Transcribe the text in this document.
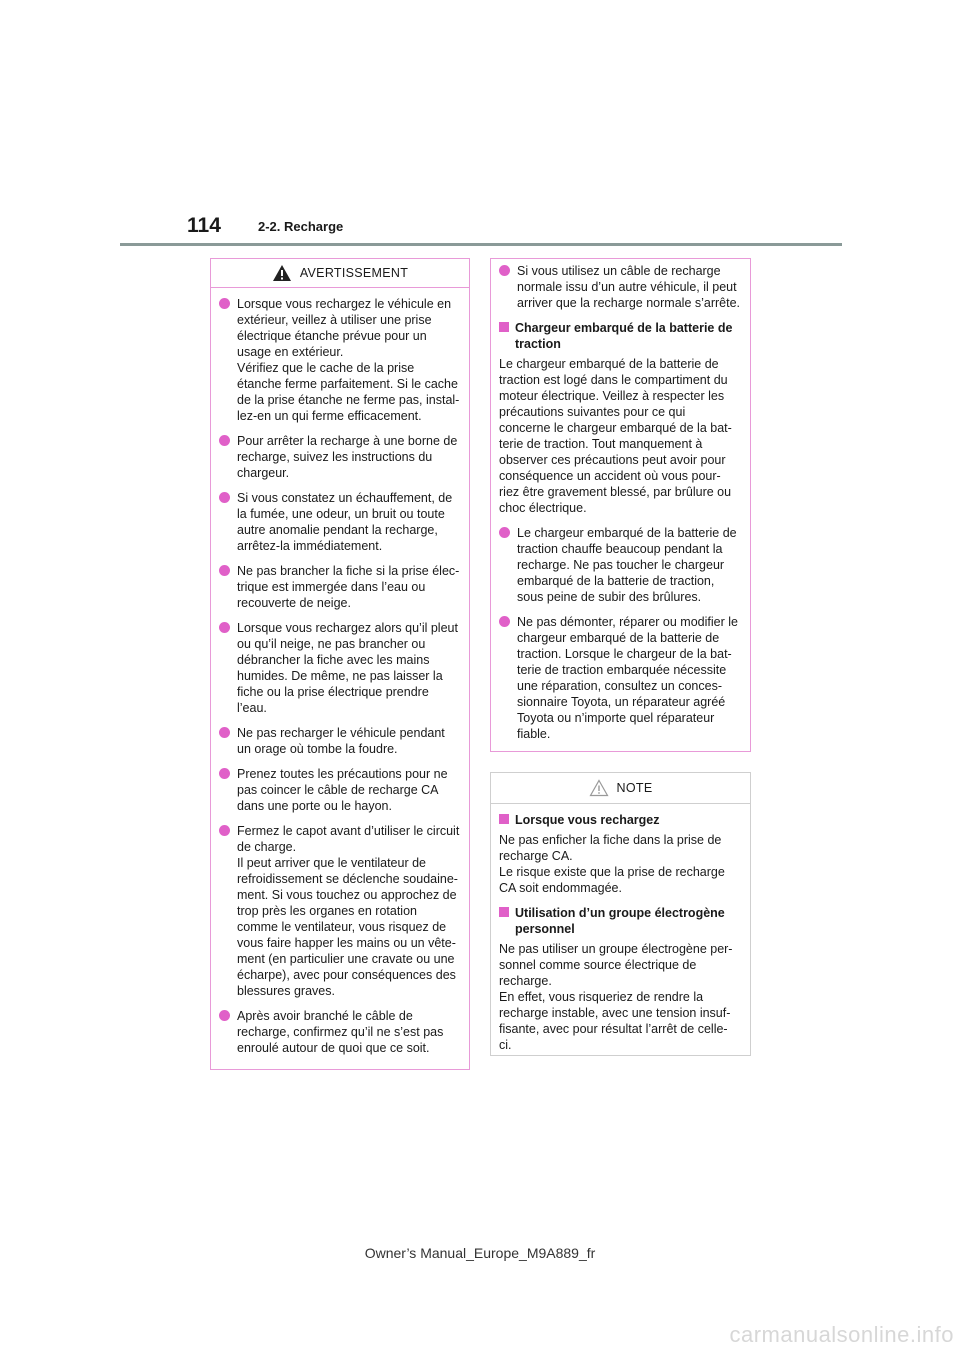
114	2-2. Recharge
AVERTISSEMENT
Lorsque vous rechargez le véhicule en
extérieur, veillez à utiliser une prise
électrique étanche prévue pour un
usage en extérieur.
Vérifiez que le cache de la prise
étanche ferme parfaitement. Si le cache
de la prise étanche ne ferme pas, instal-
lez-en un qui ferme efficacement.
Pour arrêter la recharge à une borne de
recharge, suivez les instructions du
chargeur.
Si vous constatez un échauffement, de
la fumée, une odeur, un bruit ou toute
autre anomalie pendant la recharge,
arrêtez-la immédiatement.
Ne pas brancher la fiche si la prise élec-
trique est immergée dans l’eau ou
recouverte de neige.
Lorsque vous rechargez alors qu’il pleut
ou qu’il neige, ne pas brancher ou
débrancher la fiche avec les mains
humides. De même, ne pas laisser la
fiche ou la prise électrique prendre
l’eau.
Ne pas recharger le véhicule pendant
un orage où tombe la foudre.
Prenez toutes les précautions pour ne
pas coincer le câble de recharge CA
dans une porte ou le hayon.
Fermez le capot avant d’utiliser le circuit
de charge.
Il peut arriver que le ventilateur de
refroidissement se déclenche soudaine-
ment. Si vous touchez ou approchez de
trop près les organes en rotation
comme le ventilateur, vous risquez de
vous faire happer les mains ou un vête-
ment (en particulier une cravate ou une
écharpe), avec pour conséquences des
blessures graves.
Après avoir branché le câble de
recharge, confirmez qu’il ne s’est pas
enroulé autour de quoi que ce soit.
Si vous utilisez un câble de recharge
normale issu d’un autre véhicule, il peut
arriver que la recharge normale s’arrête.
Chargeur embarqué de la batterie de
traction
Le chargeur embarqué de la batterie de
traction est logé dans le compartiment du
moteur électrique. Veillez à respecter les
précautions suivantes pour ce qui
concerne le chargeur embarqué de la bat-
terie de traction. Tout manquement à
observer ces précautions peut avoir pour
conséquence un accident où vous pour-
riez être gravement blessé, par brûlure ou
choc électrique.
Le chargeur embarqué de la batterie de
traction chauffe beaucoup pendant la
recharge. Ne pas toucher le chargeur
embarqué de la batterie de traction,
sous peine de subir des brûlures.
Ne pas démonter, réparer ou modifier le
chargeur embarqué de la batterie de
traction. Lorsque le chargeur de la bat-
terie de traction embarquée nécessite
une réparation, consultez un conces-
sionnaire Toyota, un réparateur agréé
Toyota ou n’importe quel réparateur
fiable.
NOTE
Lorsque vous rechargez
Ne pas enficher la fiche dans la prise de
recharge CA.
Le risque existe que la prise de recharge
CA soit endommagée.
Utilisation d’un groupe électrogène
personnel
Ne pas utiliser un groupe électrogène per-
sonnel comme source électrique de
recharge.
En effet, vous risqueriez de rendre la
recharge instable, avec une tension insuf-
fisante, avec pour résultat l’arrêt de celle-
ci.
Owner’s Manual_Europe_M9A889_fr
carmanualsonline.info
